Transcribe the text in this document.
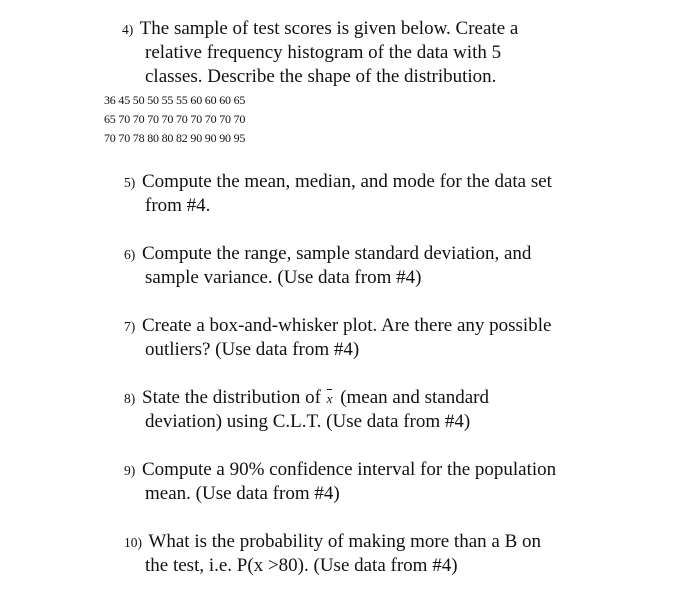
4) The sample of test scores is given below. Create a
relative frequency histogram of the data with 5
classes. Describe the shape of the distribution.
36 45 50 50 55 55 60 60 60 65
65 70 70 70 70 70 70 70 70 70
70 70 78 80 80 82 90 90 90 95
5) Compute the mean, median, and mode for the data set
from #4.
6) Compute the range, sample standard deviation, and
sample variance. (Use data from #4)
7) Create a box-and-whisker plot. Are there any possible
outliers? (Use data from #4)
8) State the distribution of x (mean and standard
deviation) using C.L.T. (Use data from #4)
9) Compute a 90% confidence interval for the population
mean. (Use data from #4)
10) What is the probability of making more than a B on
the test, i.e. P(x >80). (Use data from #4)
